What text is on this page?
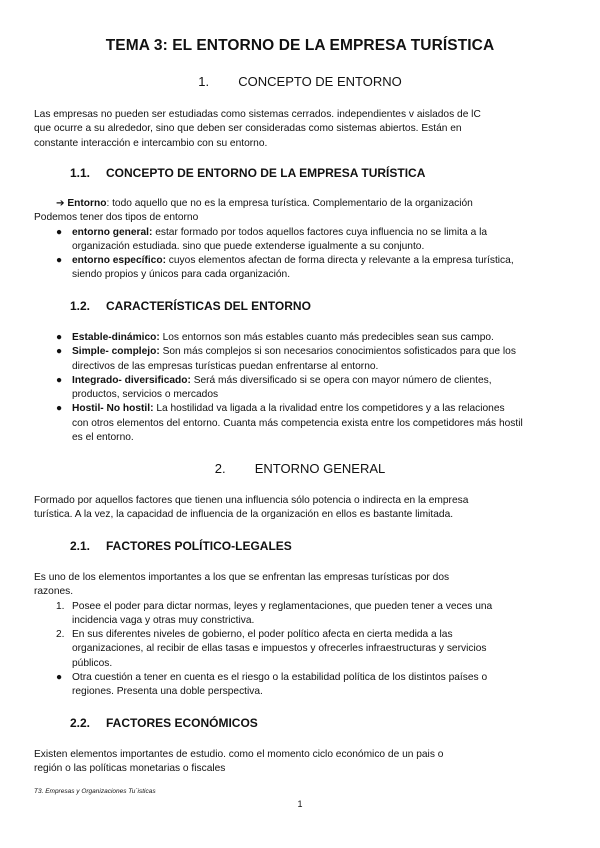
TEMA 3: EL ENTORNO DE LA EMPRESA TURÍSTICA
1. CONCEPTO DE ENTORNO

Las empresas no pueden ser estudiadas como sistemas cerrados. independientes v aislados de lC

que ocurre a su alrededor, sino que deben ser consideradas como sistemas abiertos. Están en

constante interacción e intercambio con su entorno.

1.1. CONCEPTO DE ENTORNO DE LA EMPRESA TURÍSTICA
➔ Entorno: todo aquello que no es la empresa turística. Complementario de la organización
Podemos tener dos tipos de entorno
● entorno general: estar formado por todos aquellos factores cuya influencia no se limita a la
organización estudiada. sino que puede extenderse igualmente a su conjunto.
● entorno específico: cuyos elementos afectan de forma directa y relevante a la empresa turística,
siendo propios y únicos para cada organización.
1.2. CARACTERÍSTICAS DEL ENTORNO
● Estable-dinámico: Los entornos son más estables cuanto más predecibles sean sus campo.
● Simple- complejo: Son más complejos si son necesarios conocimientos sofisticados para que los
directivos de las empresas turísticas puedan enfrentarse al entorno.
● Integrado- diversificado: Será más diversificado si se opera con mayor número de clientes,
productos, servicios o mercados
● Hostil- No hostil: La hostilidad va ligada a la rivalidad entre los competidores y a las relaciones
con otros elementos del entorno. Cuanta más competencia exista entre los competidores más hostil
es el entorno.
2. ENTORNO GENERAL

Formado por aquellos factores que tienen una influencia sólo potencia o indirecta en la empresa

turística. A la vez, la capacidad de influencia de la organización en ellos es bastante limitada.

2.1. FACTORES POLÍTICO-LEGALES
Es uno de los elementos importantes a los que se enfrentan las empresas turísticas por dos
razones.
1. Posee el poder para dictar normas, leyes y reglamentaciones, que pueden tener a veces una
incidencia vaga y otras muy constrictiva.
2. En sus diferentes niveles de gobierno, el poder político afecta en cierta medida a las
organizaciones, al recibir de ellas tasas e impuestos y ofrecerles infraestructuras y servicios
públicos.
● Otra cuestión a tener en cuenta es el riesgo o la estabilidad política de los distintos países o
regiones. Presenta una doble perspectiva.
2.2. FACTORES ECONÓMICOS

Existen elementos importantes de estudio. como el momento ciclo económico de un pais o

región o las políticas monetarias o fiscales

T3. Empresas y Organizaciones Tu´isticas
1
